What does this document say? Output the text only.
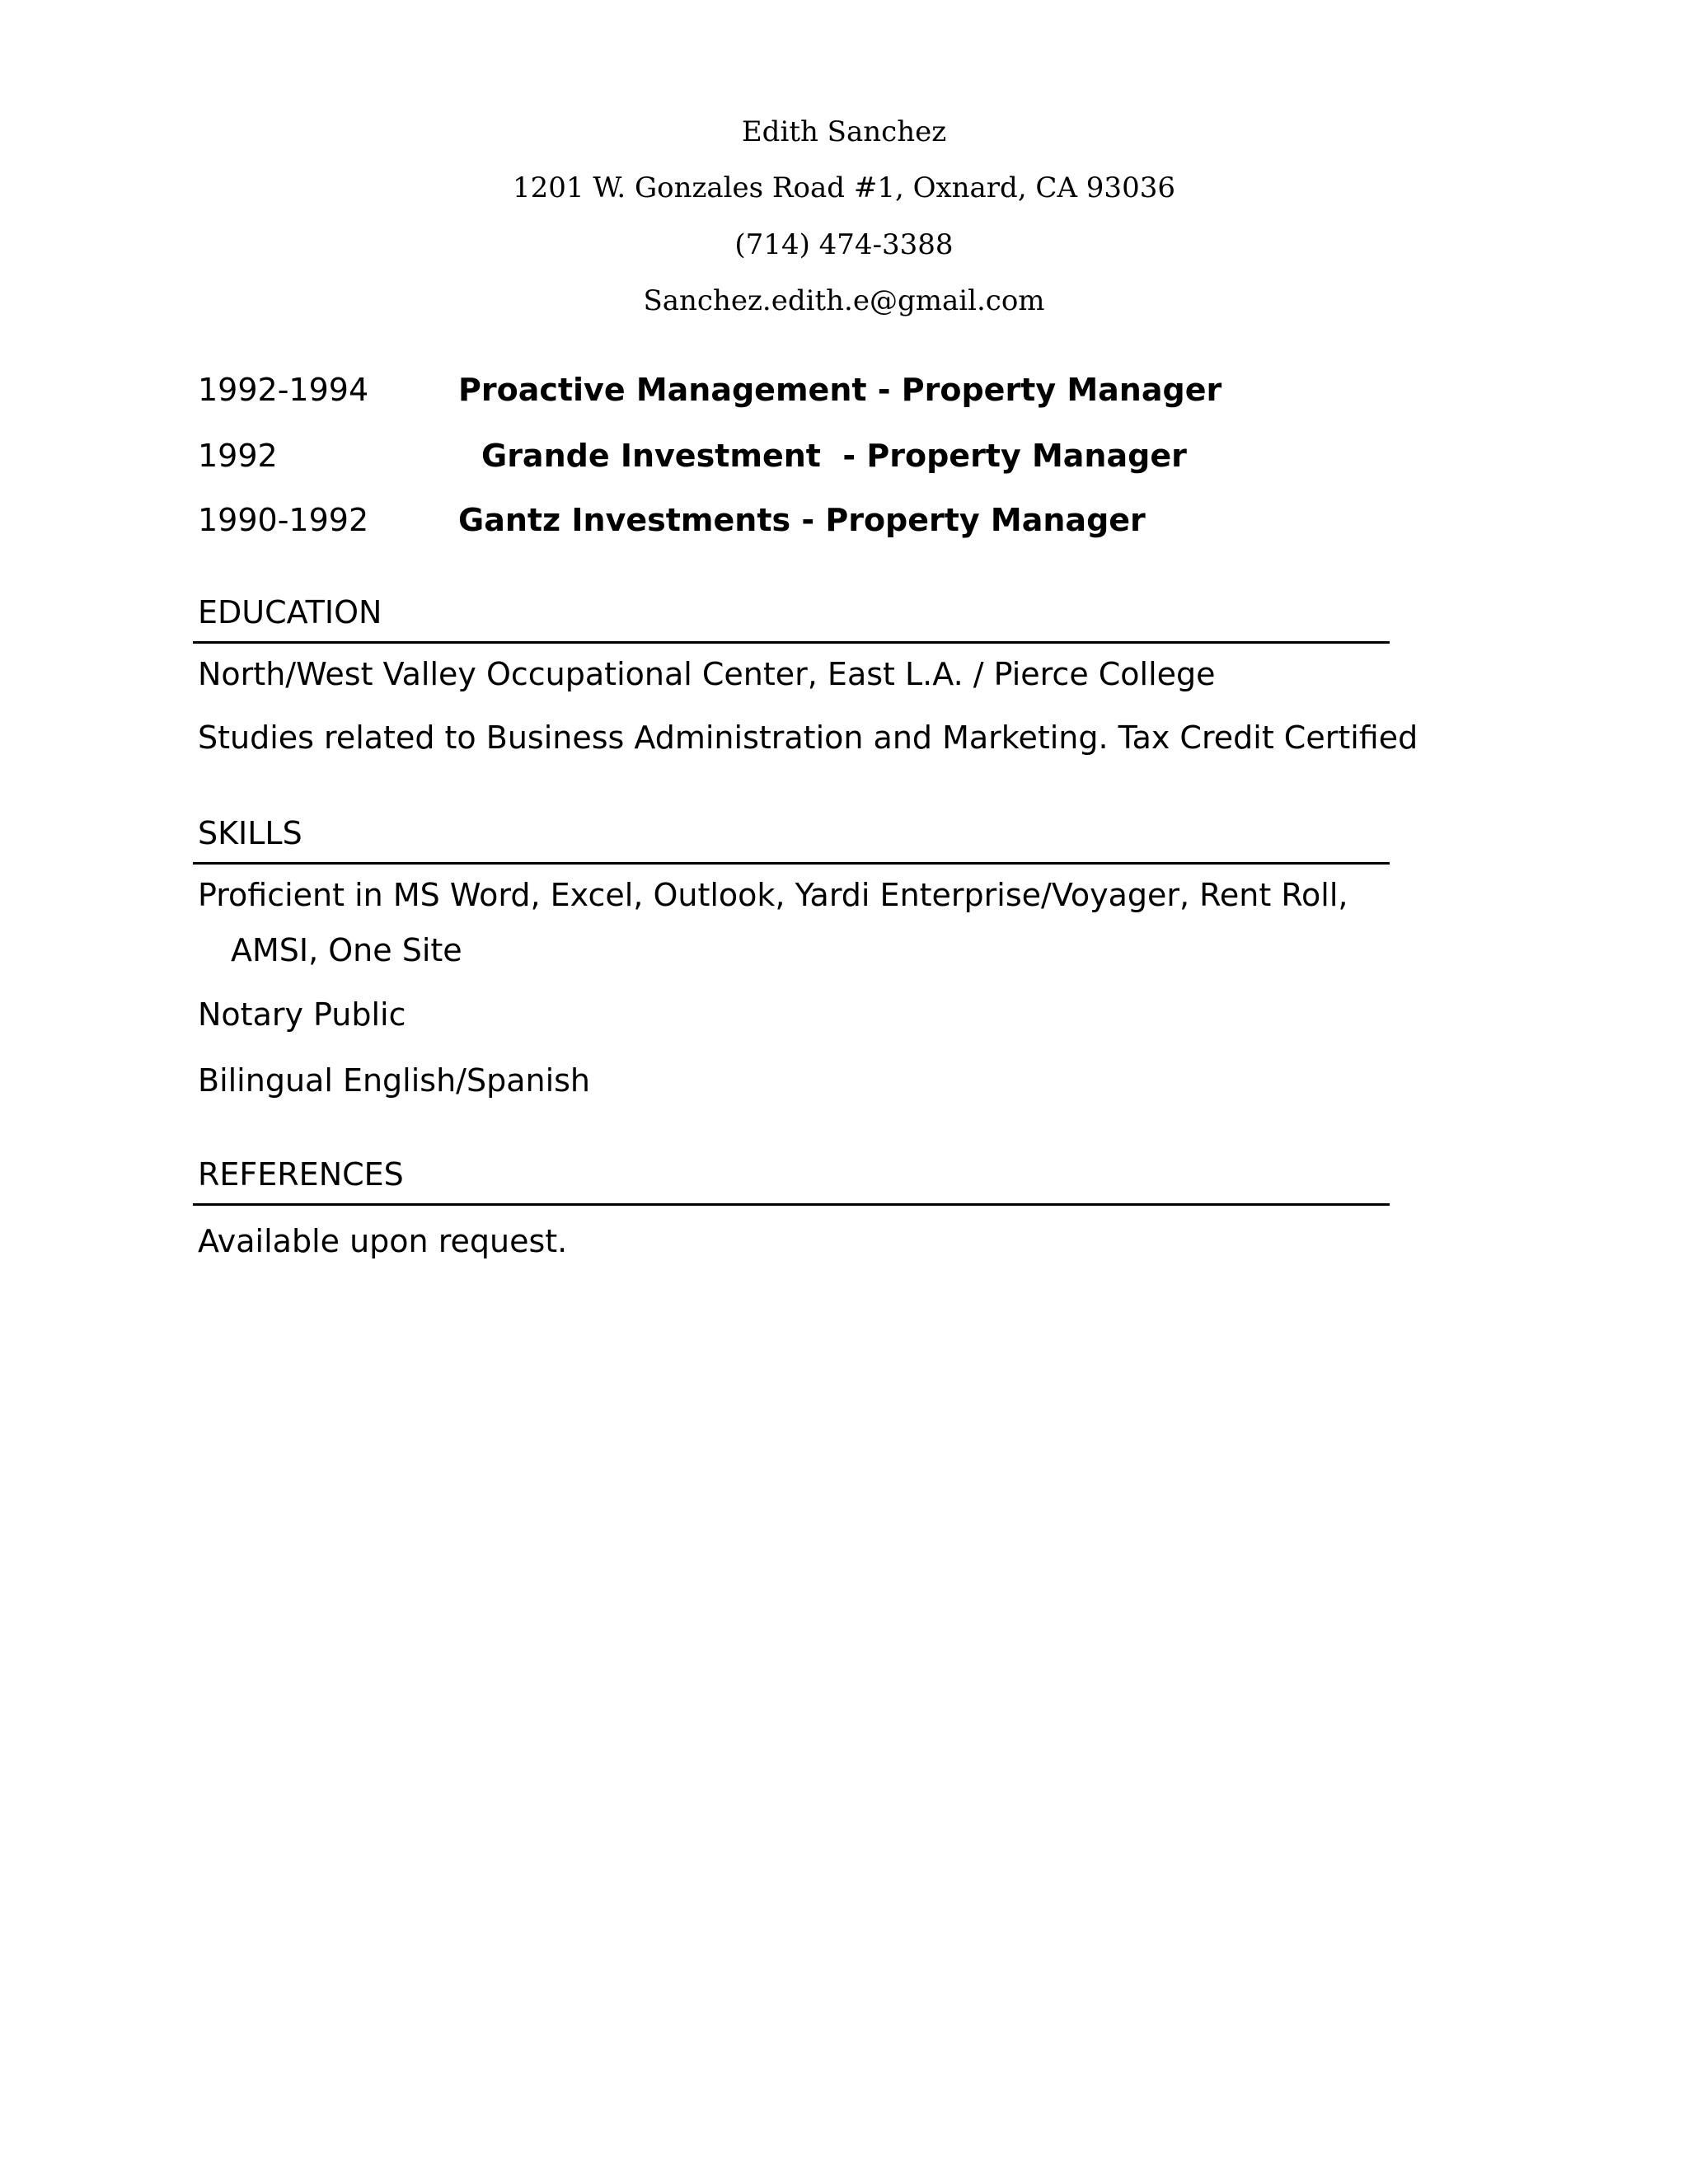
Edith Sanchez
1201 W. Gonzales Road #1, Oxnard, CA 93036
(714) 474-3388
Sanchez.edith.e@gmail.com
1992-1994	Proactive Management - Property Manager
1992	Grande Investment  - Property Manager
1990-1992	Gantz Investments - Property Manager
EDUCATION
North/West Valley Occupational Center, East L.A. / Pierce College
Studies related to Business Administration and Marketing. Tax Credit Certified
SKILLS
Proficient in MS Word, Excel, Outlook, Yardi Enterprise/Voyager, Rent Roll,
AMSI, One Site
Notary Public
Bilingual English/Spanish
REFERENCES
Available upon request.
